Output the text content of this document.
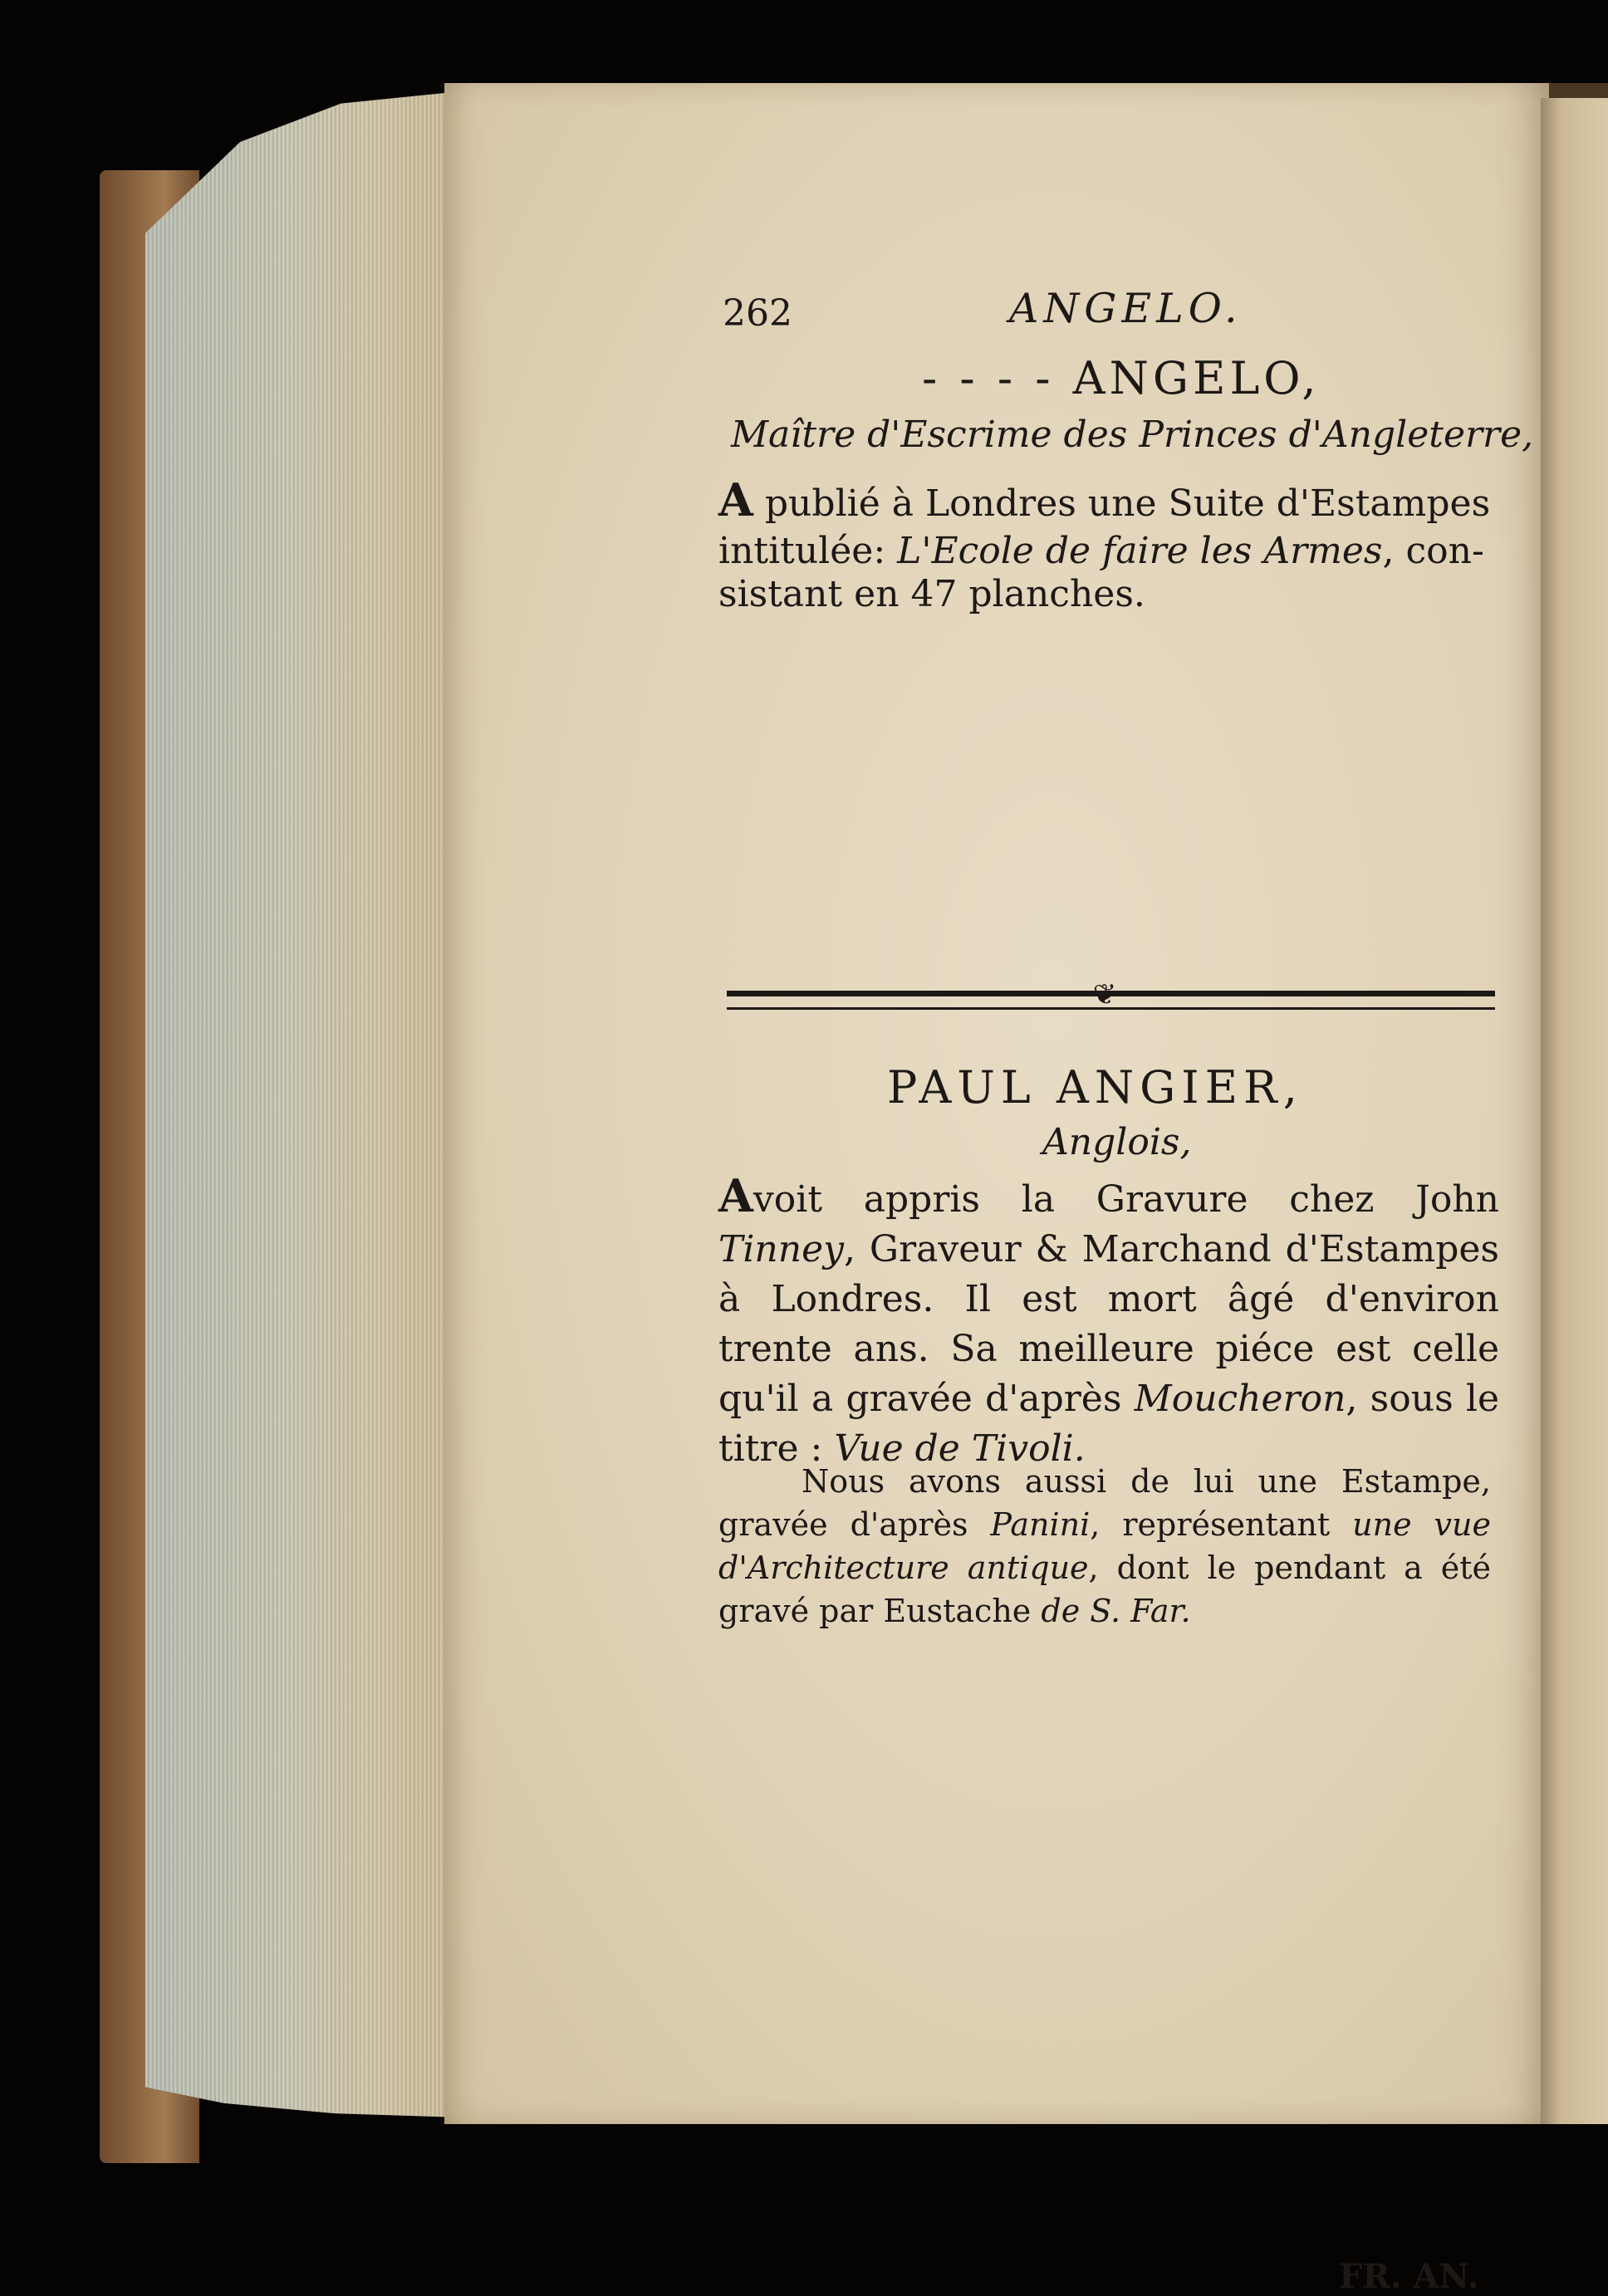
262	ANGELO.
- - - - ANGELO,
Maître d'Escrime des Princes d'Angleterre,
A publié à Londres une Suite d'Estampes
intitulée: L'Ecole de faire les Armes, con-
sistant en 47 planches.
❦
PAUL ANGIER,
Anglois,
Avoit appris la Gravure chez John Tinney, Graveur & Marchand d'Estampes à Londres. Il est mort âgé d'environ trente ans. Sa meilleure piéce est celle qu'il a gravée d'après Moucheron, sous le titre : Vue de Tivoli.
Nous avons aussi de lui une Estampe, gravée d'après Panini, représentant une vue d'Architecture antique, dont le pendant a été gravé par Eustache de S. Far.
FR. AN.
